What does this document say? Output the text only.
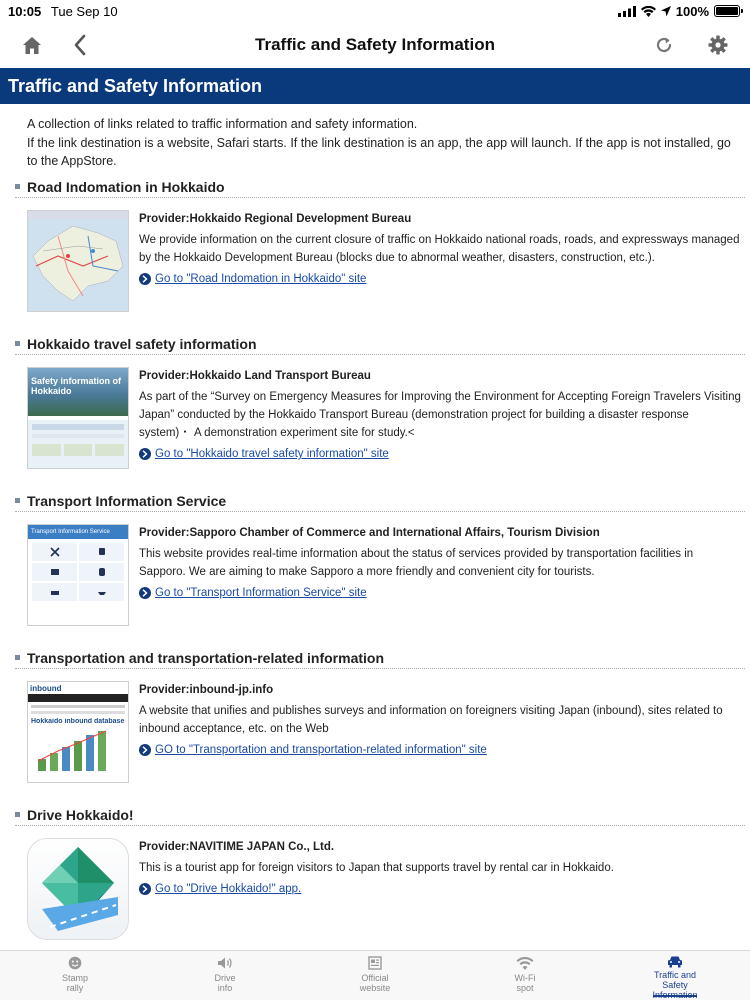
10:05 Tue Sep 10	100%
Traffic and Safety Information
Traffic and Safety Information
A collection of links related to traffic information and safety information.
If the link destination is a website, Safari starts. If the link destination is an app, the app will launch. If the app is not installed, go to the AppStore.
Road Indomation in Hokkaido
Provider:Hokkaido Regional Development Bureau
We provide information on the current closure of traffic on Hokkaido national roads, roads, and expressways managed by the Hokkaido Development Bureau (blocks due to abnormal weather, disasters, construction, etc.).
Go to "Road Indomation in Hokkaido" site
Hokkaido travel safety information
Safety information of Hokkaido
Provider:Hokkaido Land Transport Bureau
As part of the “Survey on Emergency Measures for Improving the Environment for Accepting Foreign Travelers Visiting Japan” conducted by the Hokkaido Transport Bureau (demonstration project for building a disaster response system)・ A demonstration experiment site for study.<
Go to "Hokkaido travel safety information" site
Transport Information Service
Transport Information Service	Provider:Sapporo Chamber of Commerce and International Affairs, Tourism Division
This website provides real-time information about the status of services provided by transportation facilities in Sapporo. We are aiming to make Sapporo a more friendly and convenient city for tourists.
Go to "Transport Information Service" site
Transportation and transportation-related information
inbound
Hokkaido inbound database
Provider:inbound-jp.info
A website that unifies and publishes surveys and information on foreigners visiting Japan (inbound), sites related to inbound acceptance, etc. on the Web
GO to "Transportation and transportation-related information" site
Drive Hokkaido!
Provider:NAVITIME JAPAN Co., Ltd.
This is a tourist app for foreign visitors to Japan that supports travel by rental car in Hokkaido.
Go to "Drive Hokkaido!" app.
Stamp
rally
Drive
info
Official
website
Wi-Fi
spot
Traffic and
Safety
